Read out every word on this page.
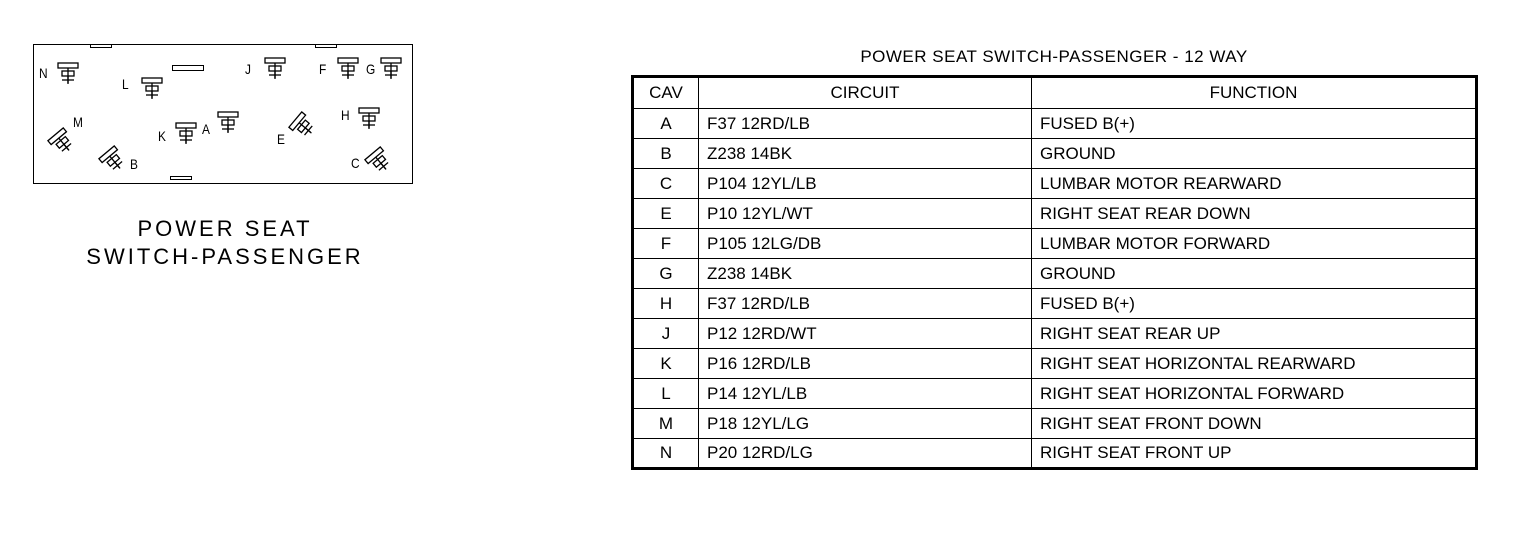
N
L
J	F	G
M
K	A
E
H
B	C
POWER SEAT
SWITCH-PASSENGER
POWER SEAT SWITCH-PASSENGER - 12 WAY
CAV	CIRCUIT	FUNCTION
A	F37 12RD/LB	FUSED B(+)
B	Z238 14BK	GROUND
C	P104 12YL/LB	LUMBAR MOTOR REARWARD
E	P10 12YL/WT	RIGHT SEAT REAR DOWN
F	P105 12LG/DB	LUMBAR MOTOR FORWARD
G	Z238 14BK	GROUND
H	F37 12RD/LB	FUSED B(+)
J	P12 12RD/WT	RIGHT SEAT REAR UP
K	P16 12RD/LB	RIGHT SEAT HORIZONTAL REARWARD
L	P14 12YL/LB	RIGHT SEAT HORIZONTAL FORWARD
M	P18 12YL/LG	RIGHT SEAT FRONT DOWN
N	P20 12RD/LG	RIGHT SEAT FRONT UP
